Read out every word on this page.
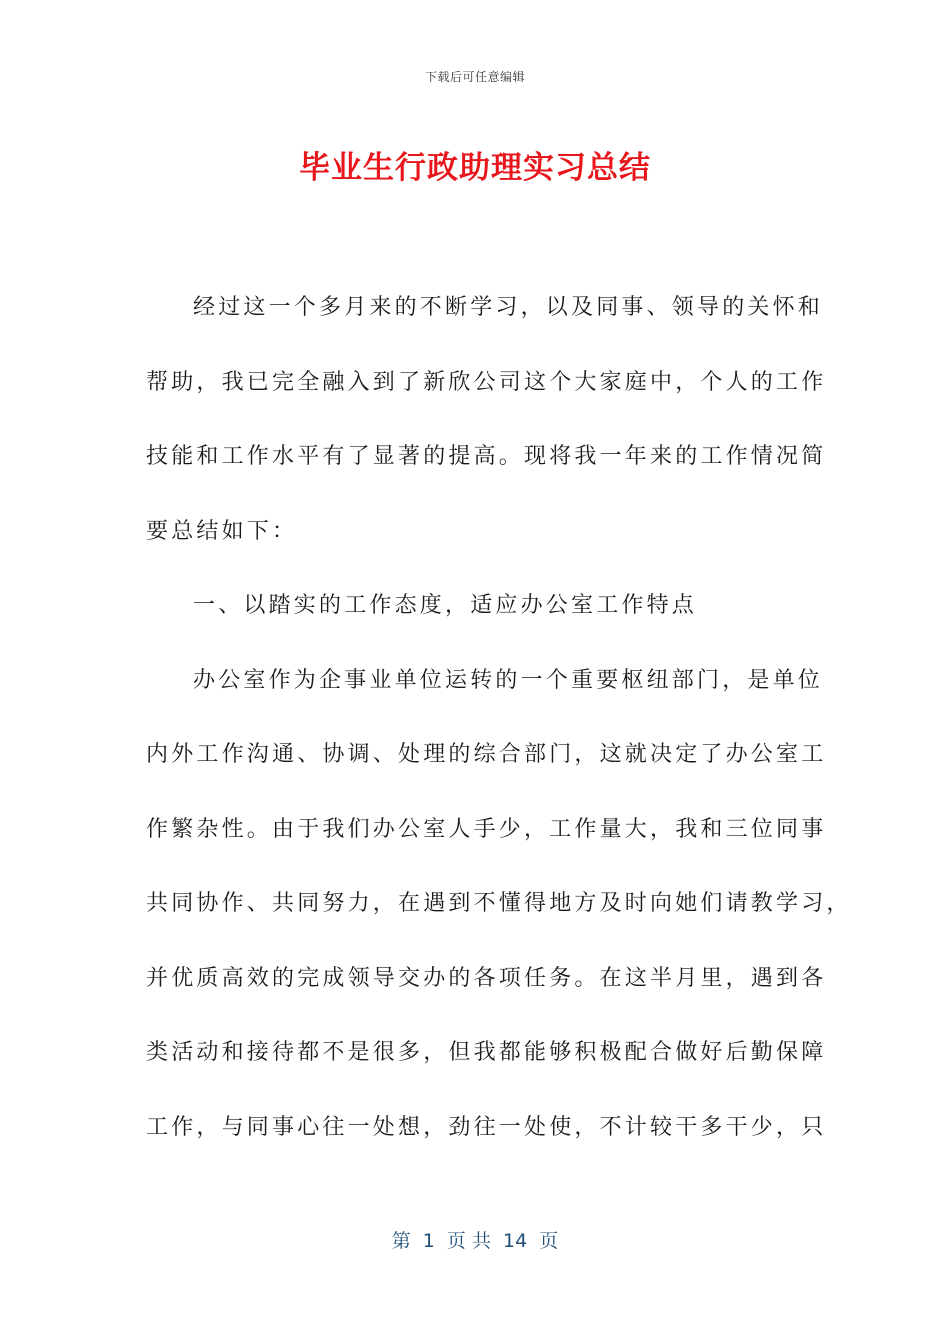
下载后可任意编辑
毕业生行政助理实习总结
经过这一个多月来的不断学习，以及同事、领导的关怀和
帮助，我已完全融入到了新欣公司这个大家庭中，个人的工作
技能和工作水平有了显著的提高。现将我一年来的工作情况简
要总结如下：
一、以踏实的工作态度，适应办公室工作特点
办公室作为企事业单位运转的一个重要枢纽部门，是单位
内外工作沟通、协调、处理的综合部门，这就决定了办公室工
作繁杂性。由于我们办公室人手少，工作量大，我和三位同事
共同协作、共同努力，在遇到不懂得地方及时向她们请教学习，
并优质高效的完成领导交办的各项任务。在这半月里，遇到各
类活动和接待都不是很多，但我都能够积极配合做好后勤保障
工作，与同事心往一处想，劲往一处使，不计较干多干少，只
第  1  页 共  14  页
